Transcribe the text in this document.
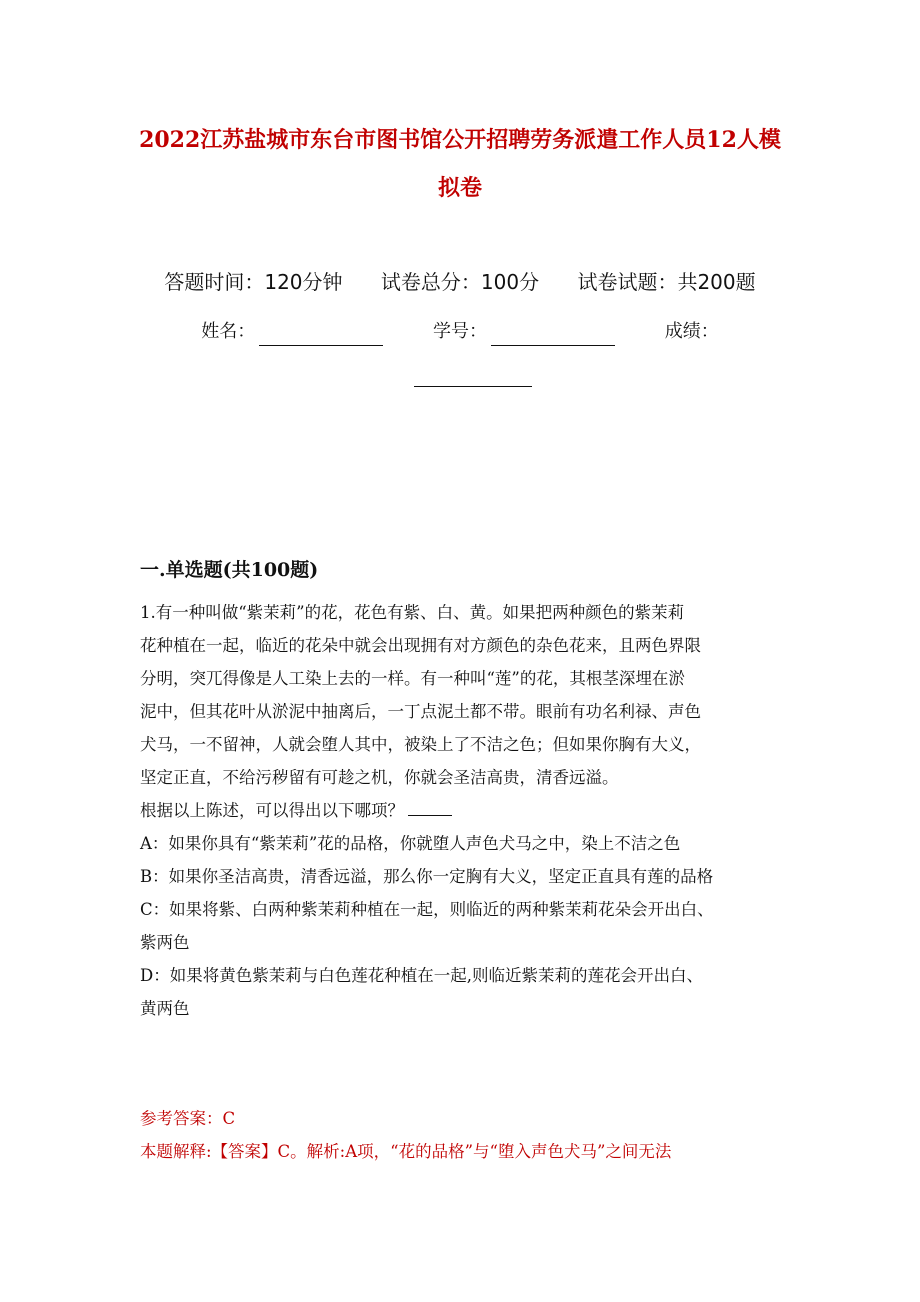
2022江苏盐城市东台市图书馆公开招聘劳务派遣工作人员12人模
拟卷
答题时间：120分钟 试卷总分：100分 试卷试题：共200题
姓名：	学号：	成绩：
一.单选题(共100题)

1.有一种叫做“紫茉莉”的花，花色有紫、白、黄。如果把两种颜色的紫茉莉

花种植在一起，临近的花朵中就会出现拥有对方颜色的杂色花来，且两色界限

分明，突兀得像是人工染上去的一样。有一种叫“莲”的花，其根茎深埋在淤

泥中，但其花叶从淤泥中抽离后，一丁点泥土都不带。眼前有功名利禄、声色

犬马，一不留神，人就会堕人其中，被染上了不洁之色；但如果你胸有大义，

坚定正直，不给污秽留有可趁之机，你就会圣洁高贵，清香远溢。

根据以上陈述，可以得出以下哪项？

A：如果你具有“紫茉莉”花的品格，你就堕人声色犬马之中，染上不洁之色

B：如果你圣洁高贵，清香远溢，那么你一定胸有大义，坚定正直具有莲的品格

C：如果将紫、白两种紫茉莉种植在一起，则临近的两种紫茉莉花朵会开出白、

紫两色

D：如果将黄色紫茉莉与白色莲花种植在一起,则临近紫茉莉的莲花会开出白、

黄两色

参考答案：C

本题解释:【答案】C。解析:A项，“花的品格”与“堕入声色犬马”之间无法
